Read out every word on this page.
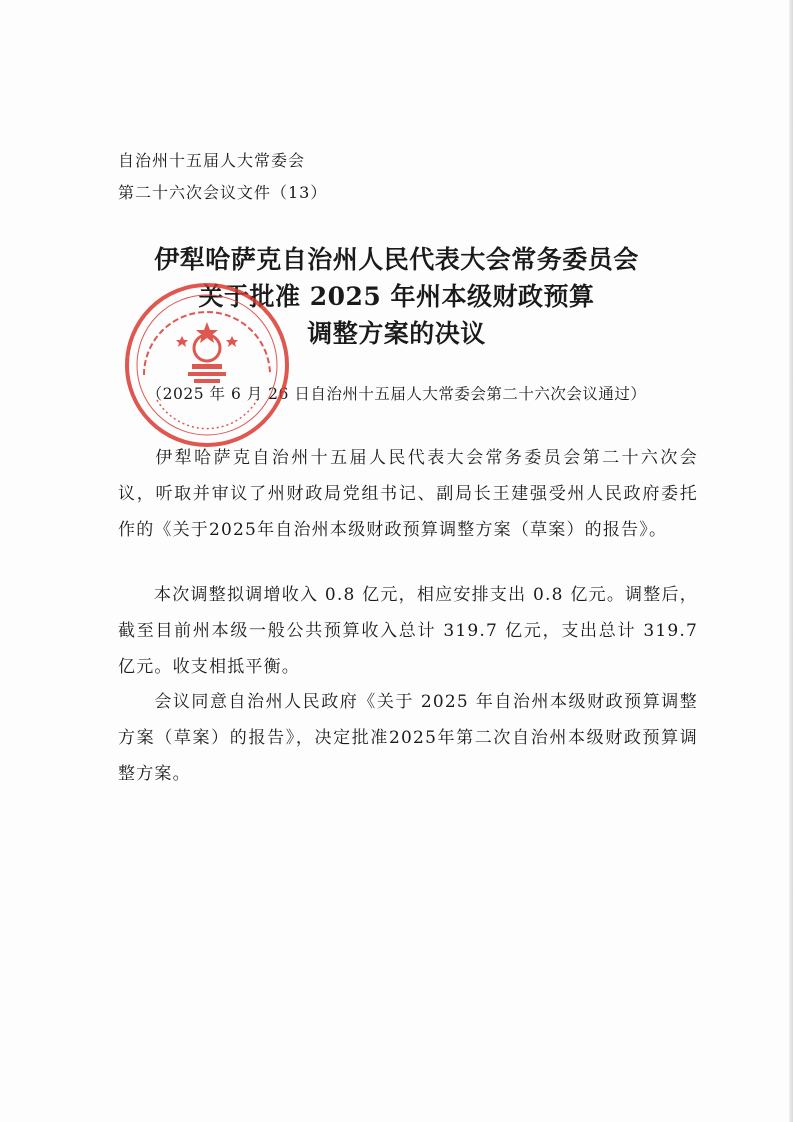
自治州十五届人大常委会
第二十六次会议文件（13）
伊犁哈萨克自治州人民代表大会常务委员会
关于批准 2025 年州本级财政预算
调整方案的决议
（2025 年 6 月 26 日自治州十五届人大常委会第二十六次会议通过）
伊犁哈萨克自治州十五届人民代表大会常务委员会第二十六次会议，听取并审议了州财政局党组书记、副局长王建强受州人民政府委托作的《关于2025年自治州本级财政预算调整方案（草案）的报告》。
本次调整拟调增收入 0.8 亿元，相应安排支出 0.8 亿元。调整后，截至目前州本级一般公共预算收入总计 319.7 亿元，支出总计 319.7 亿元。收支相抵平衡。
会议同意自治州人民政府《关于 2025 年自治州本级财政预算调整方案（草案）的报告》，决定批准2025年第二次自治州本级财政预算调整方案。
